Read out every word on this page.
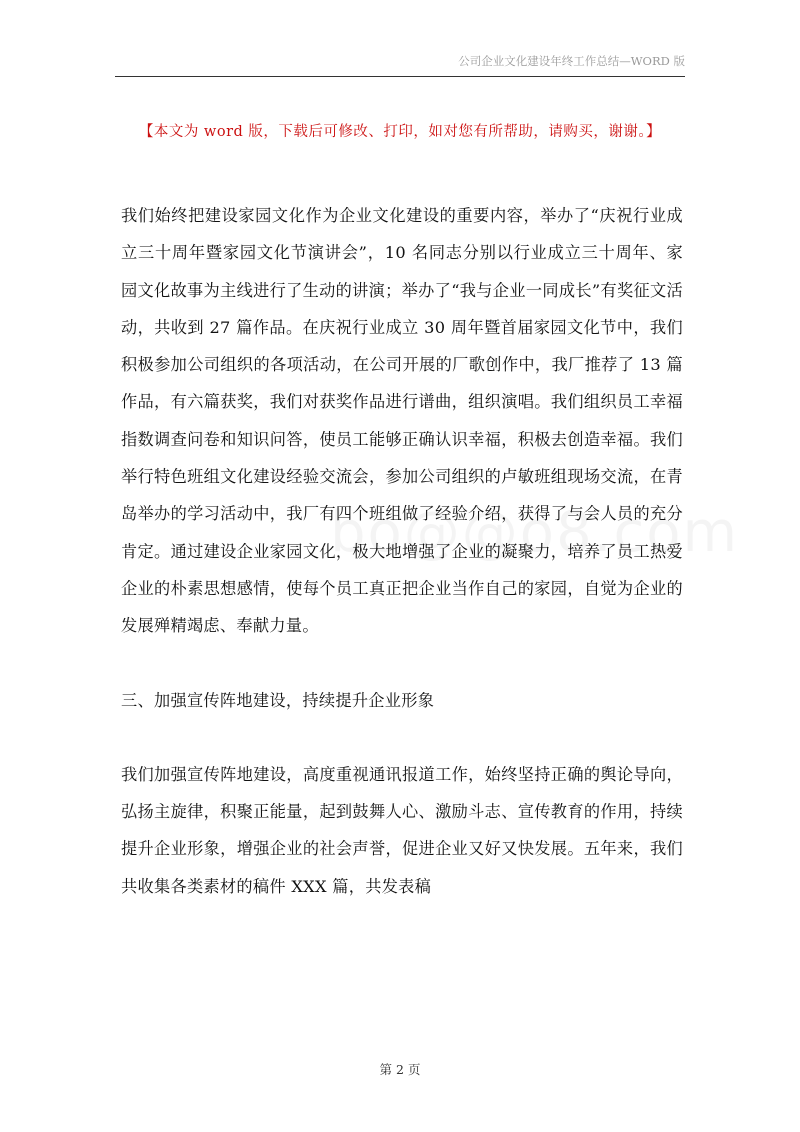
公司企业文化建设年终工作总结—WORD 版
【本文为 word 版，下载后可修改、打印，如对您有所帮助，请购买，谢谢。】

我们始终把建设家园文化作为企业文化建设的重要内容，举办了“庆祝行业成立三十周年暨家园文化节演讲会”，10 名同志分别以行业成立三十周年、家园文化故事为主线进行了生动的讲演；举办了“我与企业一同成长”有奖征文活动，共收到 27 篇作品。在庆祝行业成立 30 周年暨首届家园文化节中，我们积极参加公司组织的各项活动，在公司开展的厂歌创作中，我厂推荐了 13 篇作品，有六篇获奖，我们对获奖作品进行谱曲，组织演唱。我们组织员工幸福指数调查问卷和知识问答，使员工能够正确认识幸福，积极去创造幸福。我们举行特色班组文化建设经验交流会，参加公司组织的卢敏班组现场交流，在青岛举办的学习活动中，我厂有四个班组做了经验介绍，获得了与会人员的充分肯定。通过建设企业家园文化，极大地增强了企业的凝聚力，培养了员工热爱企业的朴素思想感情，使每个员工真正把企业当作自己的家园，自觉为企业的发展殚精竭虑、奉献力量。

三、加强宣传阵地建设，持续提升企业形象

我们加强宣传阵地建设，高度重视通讯报道工作，始终坚持正确的舆论导向，弘扬主旋律，积聚正能量，起到鼓舞人心、激励斗志、宣传教育的作用，持续提升企业形象，增强企业的社会声誉，促进企业又好又快发展。五年来，我们共收集各类素材的稿件 XXX 篇，共发表稿

第 2 页
